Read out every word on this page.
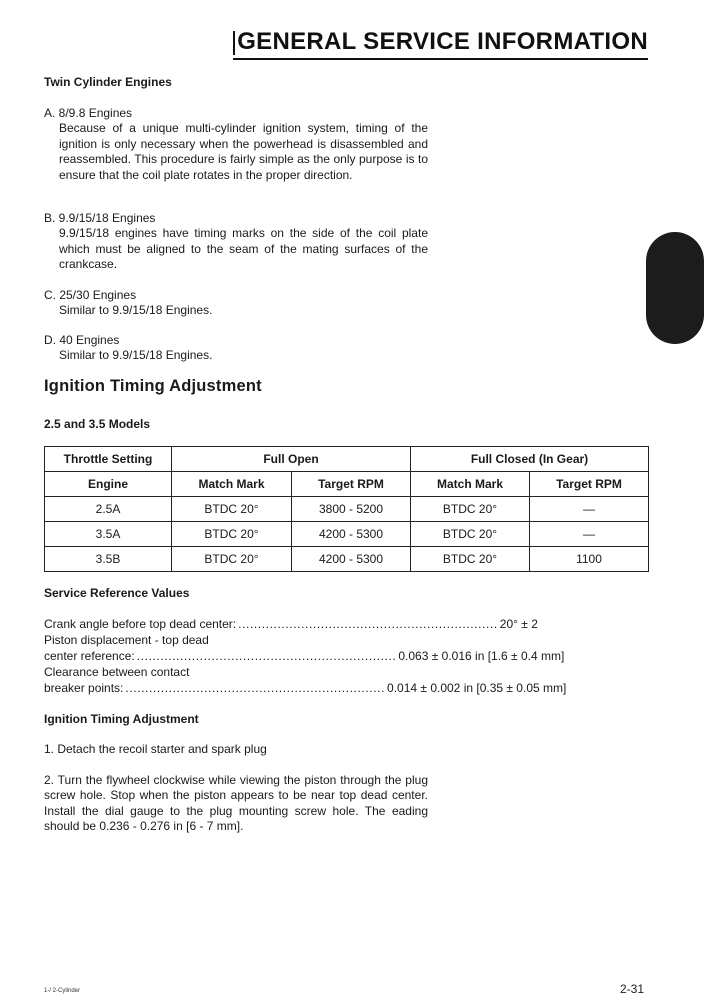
GENERAL SERVICE INFORMATION
Twin Cylinder Engines
A. 8/9.8 Engines
Because of a unique multi-cylinder ignition system, timing of the ignition is only necessary when the powerhead is disassembled and reassembled. This procedure is fairly simple as the only purpose is to ensure that the coil plate rotates in the proper direction.
B. 9.9/15/18 Engines
9.9/15/18 engines have timing marks on the side of the coil plate which must be aligned to the seam of the mating surfaces of the crankcase.
C. 25/30 Engines
Similar to 9.9/15/18 Engines.
D. 40 Engines
Similar to 9.9/15/18 Engines.
Ignition Timing Adjustment
2.5 and 3.5 Models
Throttle Setting	Full Open		Full Closed (In Gear)	
Engine	Match Mark	Target RPM	Match Mark	Target RPM
2.5A	BTDC 20°	3800 - 5200	BTDC 20°	—
3.5A	BTDC 20°	4200 - 5300	BTDC 20°	—
3.5B	BTDC 20°	4200 - 5300	BTDC 20°	1100
Service Reference Values
Crank angle before top dead center: .................................................................. 20° ± 2
Piston displacement - top dead
center reference: .................................................................. 0.063 ± 0.016 in [1.6 ± 0.4 mm]
Clearance between contact
breaker points: .................................................................. 0.014 ± 0.002 in [0.35 ± 0.05 mm]
Ignition Timing Adjustment
1. Detach the recoil starter and spark plug
2. Turn the flywheel clockwise while viewing the piston through the plug screw hole. Stop when the piston appears to be near top dead center. Install the dial gauge to the plug mounting screw hole. The eading should be 0.236 - 0.276 in [6 - 7 mm].
1-/ 2-Cylinder	2-31
